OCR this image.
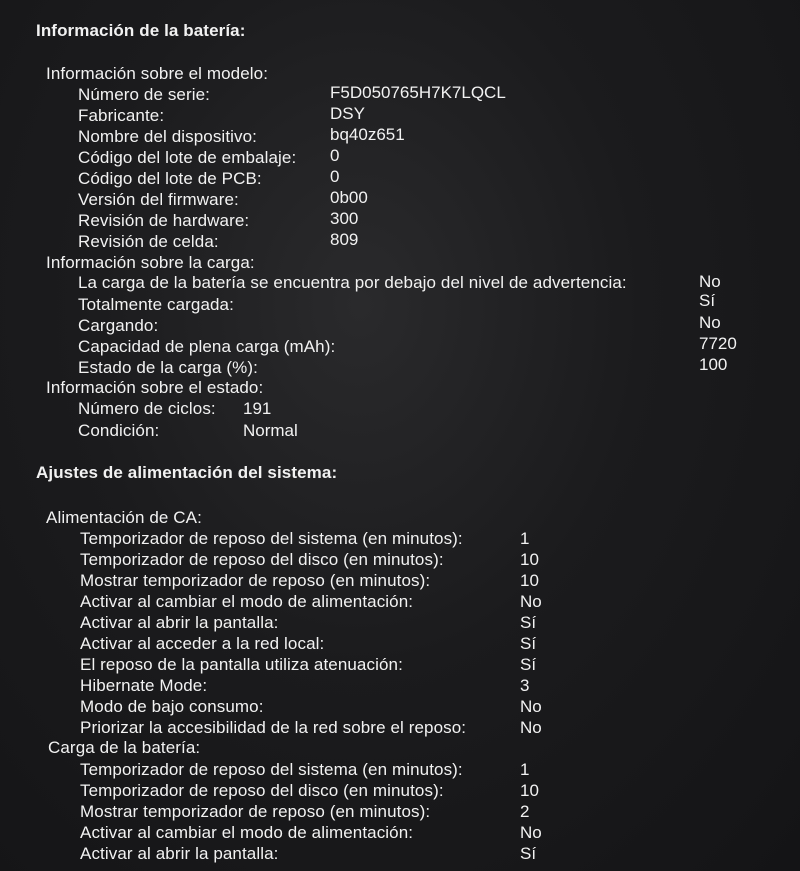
Información de la batería:
Información sobre el modelo:
Número de serie:	F5D050765H7K7LQCL
Fabricante:	DSY
Nombre del dispositivo:	bq40z651
Código del lote de embalaje: 0
Código del lote de PCB:	0
Versión del firmware:	0b00
Revisión de hardware:	300
Revisión de celda:	809
Información sobre la carga:
La carga de la batería se encuentra por debajo del nivel de advertencia:	No
Totalmente cargada:	Sí
Cargando:	No
Capacidad de plena carga (mAh):	7720
Estado de la carga (%):	100
Información sobre el estado:
Número de ciclos: 191
Condición:	Normal
Ajustes de alimentación del sistema:
Alimentación de CA:
Temporizador de reposo del sistema (en minutos):	1
Temporizador de reposo del disco (en minutos):	10
Mostrar temporizador de reposo (en minutos):	10
Activar al cambiar el modo de alimentación:	No
Activar al abrir la pantalla:	Sí
Activar al acceder a la red local:	Sí
El reposo de la pantalla utiliza atenuación:	Sí
Hibernate Mode:	3
Modo de bajo consumo:	No
Priorizar la accesibilidad de la red sobre el reposo:	No
Carga de la batería:
Temporizador de reposo del sistema (en minutos):	1
Temporizador de reposo del disco (en minutos):	10
Mostrar temporizador de reposo (en minutos):	2
Activar al cambiar el modo de alimentación:	No
Activar al abrir la pantalla:	Sí
